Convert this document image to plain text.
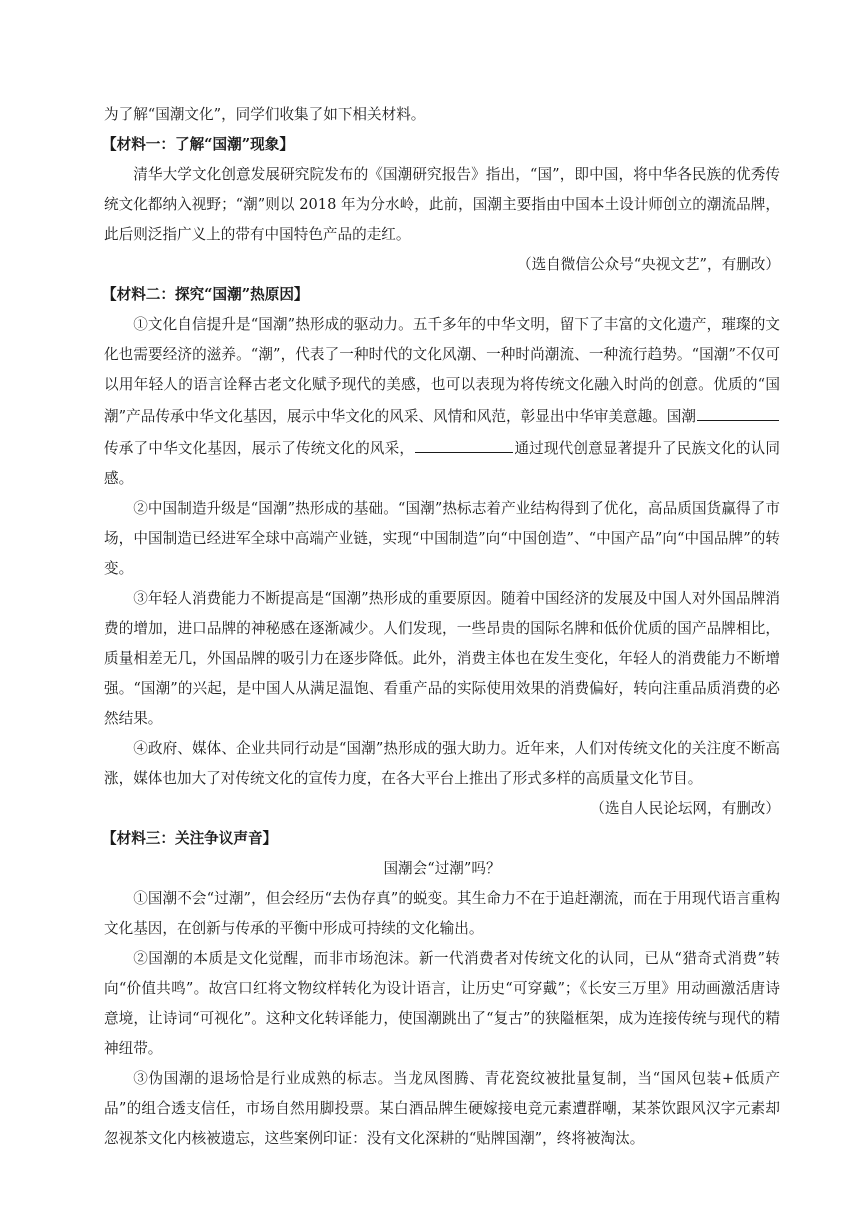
为了解“国潮文化”，同学们收集了如下相关材料。

【材料一：了解“国潮”现象】

清华大学文化创意发展研究院发布的《国潮研究报告》指出，“国”，即中国，将中华各民族的优秀传统文化都纳入视野；“潮”则以 2018 年为分水岭，此前，国潮主要指由中国本土设计师创立的潮流品牌，此后则泛指广义上的带有中国特色产品的走红。

（选自微信公众号“央视文艺”，有删改）

【材料二：探究“国潮”热原因】

①文化自信提升是“国潮”热形成的驱动力。五千多年的中华文明，留下了丰富的文化遗产，璀璨的文化也需要经济的滋养。“潮”，代表了一种时代的文化风潮、一种时尚潮流、一种流行趋势。“国潮”不仅可以用年轻人的语言诠释古老文化赋予现代的美感，也可以表现为将传统文化融入时尚的创意。优质的“国潮”产品传承中华文化基因，展示中华文化的风采、风情和风范，彰显出中华审美意趣。国潮传承了中华文化基因，展示了传统文化的风采，	通过现代创意显著提升了民族文化的认同感。

②中国制造升级是“国潮”热形成的基础。“国潮”热标志着产业结构得到了优化，高品质国货赢得了市场，中国制造已经进军全球中高端产业链，实现“中国制造”向“中国创造”、“中国产品”向“中国品牌”的转变。

③年轻人消费能力不断提高是“国潮”热形成的重要原因。随着中国经济的发展及中国人对外国品牌消费的增加，进口品牌的神秘感在逐渐减少。人们发现，一些昂贵的国际名牌和低价优质的国产品牌相比，质量相差无几，外国品牌的吸引力在逐步降低。此外，消费主体也在发生变化，年轻人的消费能力不断增强。“国潮”的兴起，是中国人从满足温饱、看重产品的实际使用效果的消费偏好，转向注重品质消费的必然结果。

④政府、媒体、企业共同行动是“国潮”热形成的强大助力。近年来，人们对传统文化的关注度不断高涨，媒体也加大了对传统文化的宣传力度，在各大平台上推出了形式多样的高质量文化节目。

（选自人民论坛网，有删改）

【材料三：关注争议声音】

国潮会“过潮”吗？

①国潮不会“过潮”，但会经历“去伪存真”的蜕变。其生命力不在于追赶潮流，而在于用现代语言重构文化基因，在创新与传承的平衡中形成可持续的文化输出。

②国潮的本质是文化觉醒，而非市场泡沫。新一代消费者对传统文化的认同，已从“猎奇式消费”转向“价值共鸣”。故宫口红将文物纹样转化为设计语言，让历史“可穿戴”；《长安三万里》用动画激活唐诗意境，让诗词“可视化”。这种文化转译能力，使国潮跳出了“复古”的狭隘框架，成为连接传统与现代的精神纽带。

③伪国潮的退场恰是行业成熟的标志。当龙凤图腾、青花瓷纹被批量复制，当“国风包装+低质产品”的组合透支信任，市场自然用脚投票。某白酒品牌生硬嫁接电竞元素遭群嘲，某茶饮跟风汉字元素却忽视茶文化内核被遗忘，这些案例印证：没有文化深耕的“贴牌国潮”，终将被淘汰。
